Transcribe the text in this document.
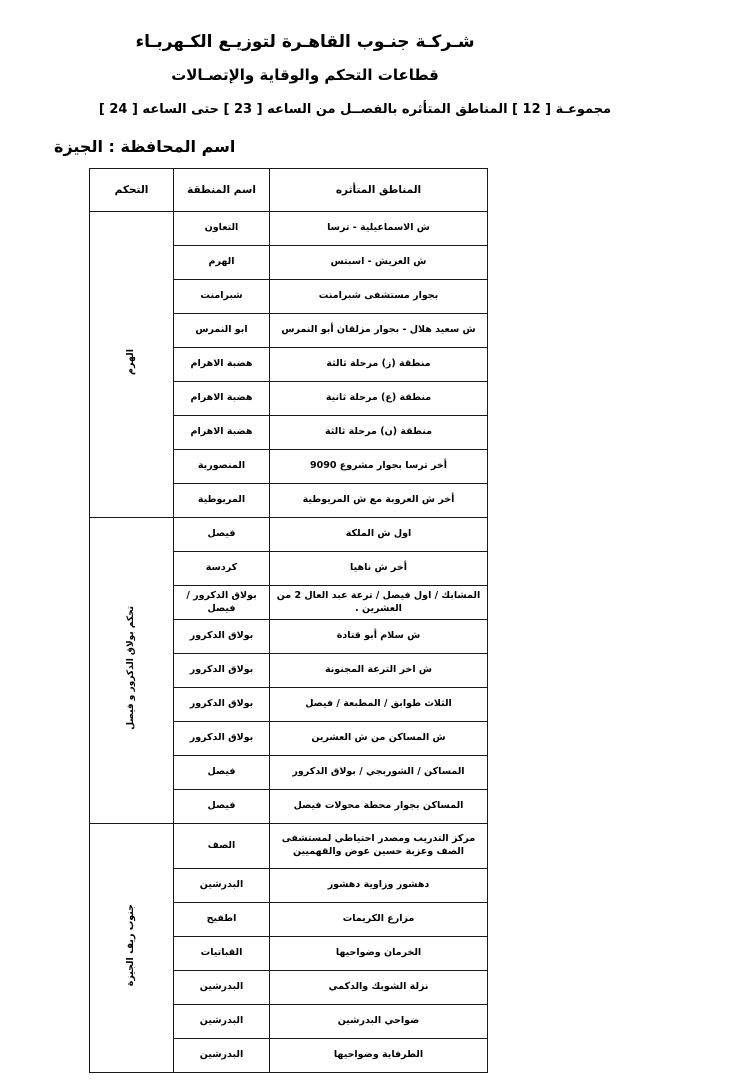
شـركـة جنـوب القاهـرة لتوزيـع الكـهربـاء
قطاعات التحكم والوقاية والإتصـالات
مجموعـة [ 12 ] المناطق المتأثره بالفصــل من الساعه [ 23 ] حتى الساعه [ 24 ]
اسم المحافظة : الجيزة
المناطق المتأثره	اسم المنطقة	التحكم
ش الاسماعيلية - ترسا	التعاون	الهرم
ش العريش - اسبتس	الهرم	
بجوار مستشفى شبرامنت	شبرامنت	
ش سعيد هلال - بجوار مزلقان أبو النمرس	ابو النمرس	
منطقة (ز) مرحلة ثالثة	هضبة الاهرام	
منطقة (ع) مرحلة ثانية	هضبة الاهرام	
منطقة (ن) مرحلة ثالثة	هضبة الاهرام	
أخر ترسا بجوار مشروع 9090	المنصورية	
أخر ش العروبة مع ش المريوطية	المريوطية	
اول ش الملكة	فيصل	تحكم بولاق الدكرور و فيصل
أخر ش ناهيا	كردسة	
المشابك / اول فيصل / ترعة عبد العال 2 من العشرين .	بولاق الدكرور / فيصل	
ش سلام أبو قتادة	بولاق الدكرور	
ش اخر الترعة المجنونة	بولاق الدكرور	
الثلاث طوابق / المطبعة / فيصل	بولاق الدكرور	
ش المساكن من ش العشرين	بولاق الدكرور	
المساكن / الشوربجي / بولاق الدكرور	فيصل	
المساكن بجوار محطة محولات فيصل	فيصل	
مركز التدريب ومصدر احتياطي لمستشفى الصف وعزبة حسين عوض والقهميين	الصف	جنوب ريف الجيزة
دهشور وزاوية دهشور	البدرشين	
مزارع الكريمات	اطفيح	
الخرمان وضواحيها	القباتيات	
نزلة الشوبك والدكمي	البدرشين	
ضواحي البدرشين	البدرشين	
الطرفاية وضواحيها	البدرشين	
